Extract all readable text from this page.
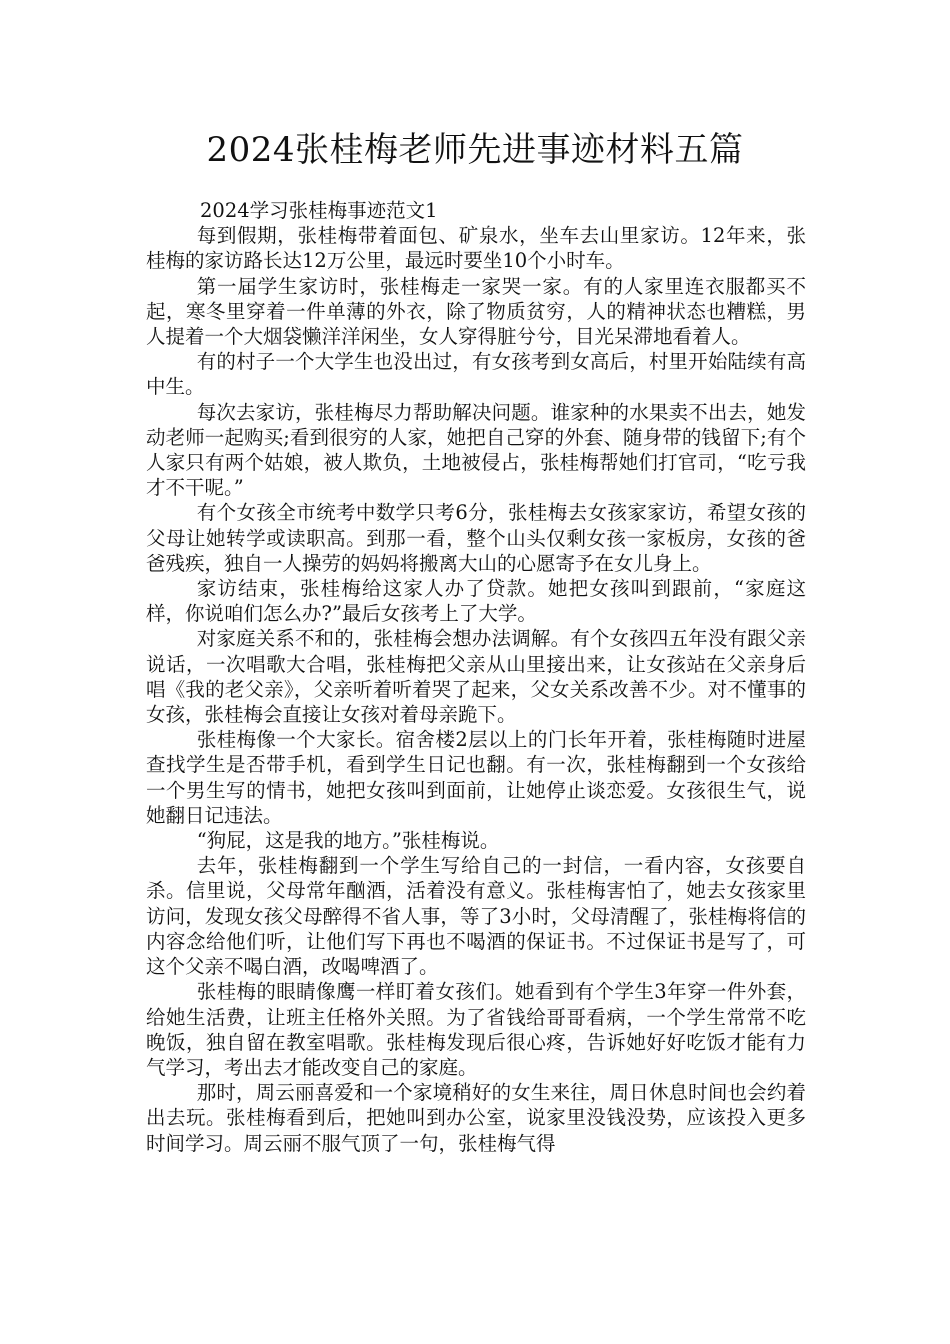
2024张桂梅老师先进事迹材料五篇
2024学习张桂梅事迹范文1

每到假期，张桂梅带着面包、矿泉水，坐车去山里家访。12年来，张桂梅的家访路长达12万公里，最远时要坐10个小时车。

第一届学生家访时，张桂梅走一家哭一家。有的人家里连衣服都买不起，寒冬里穿着一件单薄的外衣，除了物质贫穷，人的精神状态也糟糕，男人提着一个大烟袋懒洋洋闲坐，女人穿得脏兮兮，目光呆滞地看着人。

有的村子一个大学生也没出过，有女孩考到女高后，村里开始陆续有高中生。

每次去家访，张桂梅尽力帮助解决问题。谁家种的水果卖不出去，她发动老师一起购买;看到很穷的人家，她把自己穿的外套、随身带的钱留下;有个人家只有两个姑娘，被人欺负，土地被侵占，张桂梅帮她们打官司，“吃亏我才不干呢。”

有个女孩全市统考中数学只考6分，张桂梅去女孩家家访，希望女孩的父母让她转学或读职高。到那一看，整个山头仅剩女孩一家板房，女孩的爸爸残疾，独自一人操劳的妈妈将搬离大山的心愿寄予在女儿身上。

家访结束，张桂梅给这家人办了贷款。她把女孩叫到跟前，“家庭这样，你说咱们怎么办?”最后女孩考上了大学。

对家庭关系不和的，张桂梅会想办法调解。有个女孩四五年没有跟父亲说话，一次唱歌大合唱，张桂梅把父亲从山里接出来，让女孩站在父亲身后唱《我的老父亲》，父亲听着听着哭了起来，父女关系改善不少。对不懂事的女孩，张桂梅会直接让女孩对着母亲跪下。

张桂梅像一个大家长。宿舍楼2层以上的门长年开着，张桂梅随时进屋查找学生是否带手机，看到学生日记也翻。有一次，张桂梅翻到一个女孩给一个男生写的情书，她把女孩叫到面前，让她停止谈恋爱。女孩很生气，说她翻日记违法。

“狗屁，这是我的地方。”张桂梅说。

去年，张桂梅翻到一个学生写给自己的一封信，一看内容，女孩要自杀。信里说，父母常年酗酒，活着没有意义。张桂梅害怕了，她去女孩家里访问，发现女孩父母醉得不省人事，等了3小时，父母清醒了，张桂梅将信的内容念给他们听，让他们写下再也不喝酒的保证书。不过保证书是写了，可这个父亲不喝白酒，改喝啤酒了。

张桂梅的眼睛像鹰一样盯着女孩们。她看到有个学生3年穿一件外套，给她生活费，让班主任格外关照。为了省钱给哥哥看病，一个学生常常不吃晚饭，独自留在教室唱歌。张桂梅发现后很心疼，告诉她好好吃饭才能有力气学习，考出去才能改变自己的家庭。

那时，周云丽喜爱和一个家境稍好的女生来往，周日休息时间也会约着出去玩。张桂梅看到后，把她叫到办公室，说家里没钱没势，应该投入更多时间学习。周云丽不服气顶了一句，张桂梅气得
